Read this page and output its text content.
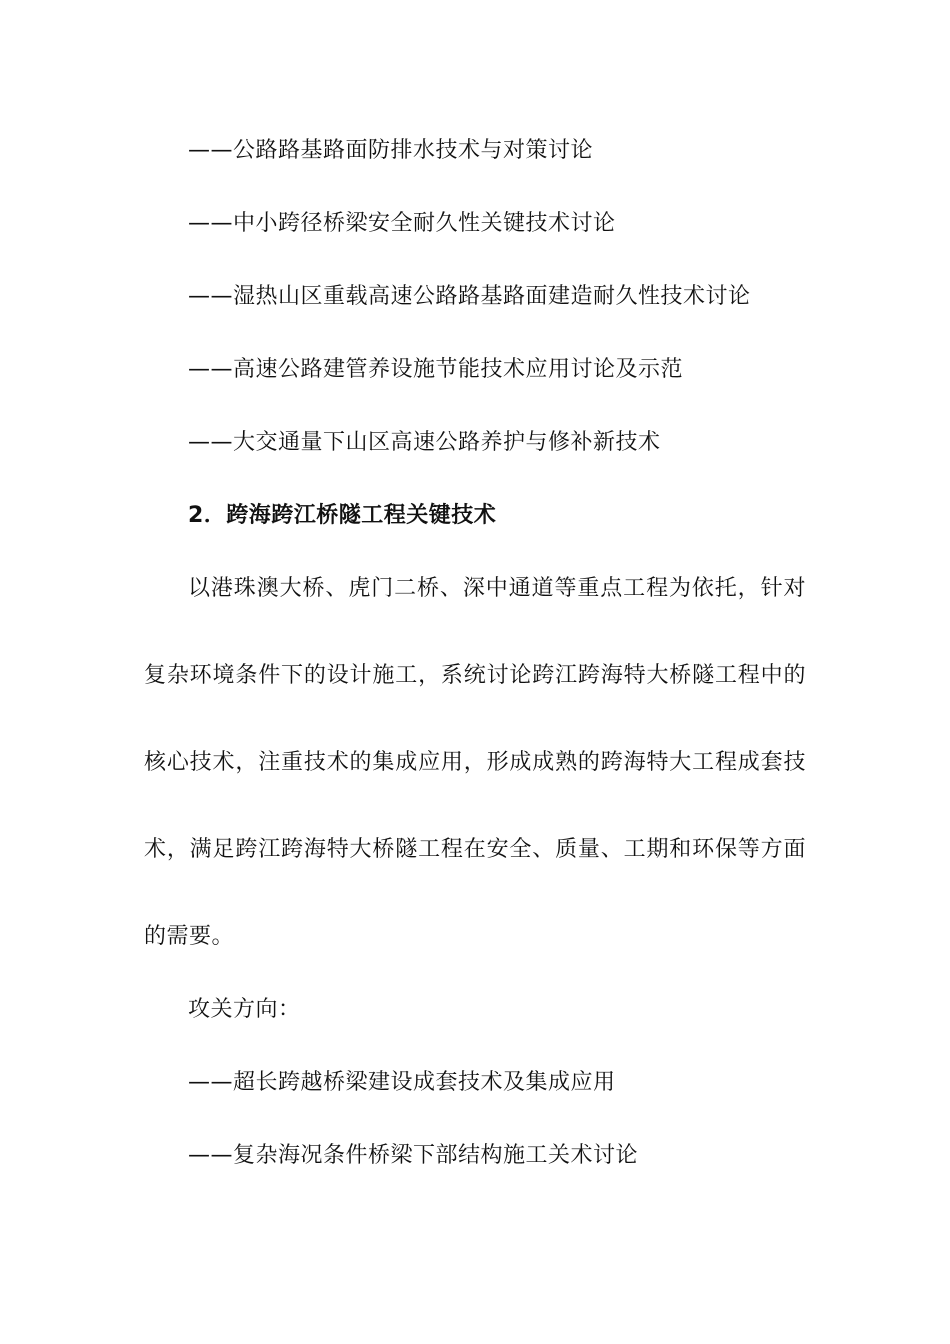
——公路路基路面防排水技术与对策讨论
——中小跨径桥梁安全耐久性关键技术讨论
——湿热山区重载高速公路路基路面建造耐久性技术讨论
——高速公路建管养设施节能技术应用讨论及示范
——大交通量下山区高速公路养护与修补新技术
2．跨海跨江桥隧工程关键技术
以港珠澳大桥、虎门二桥、深中通道等重点工程为依托，针对
复杂环境条件下的设计施工，系统讨论跨江跨海特大桥隧工程中的
核心技术，注重技术的集成应用，形成成熟的跨海特大工程成套技
术，满足跨江跨海特大桥隧工程在安全、质量、工期和环保等方面
的需要。
攻关方向：
——超长跨越桥梁建设成套技术及集成应用
——复杂海况条件桥梁下部结构施工关术讨论
